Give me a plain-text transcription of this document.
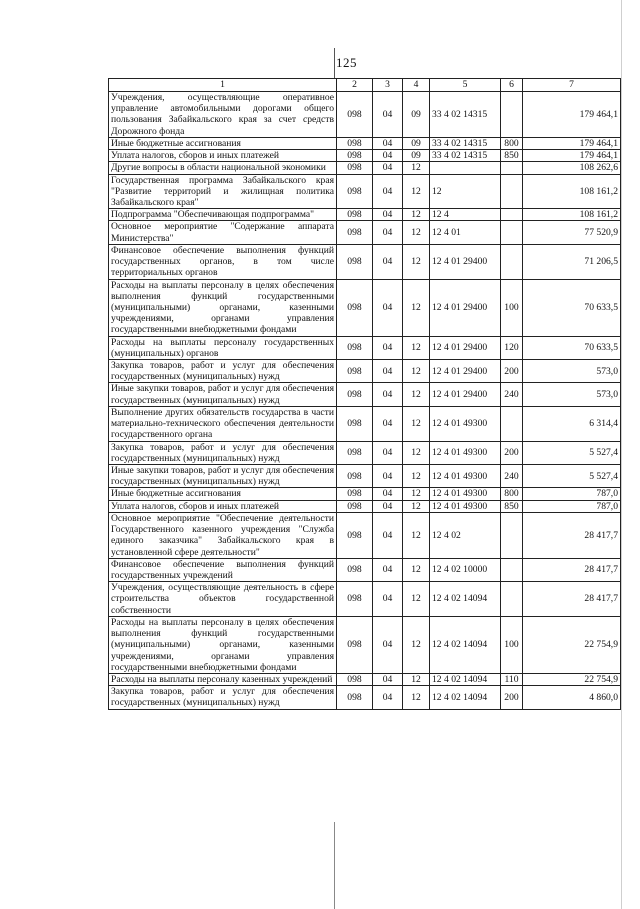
125
1	2	3	4	5	6	7
Учреждения, осуществляющие оперативное управление автомобильными дорогами общего пользования Забайкальского края за счет средств Дорожного фонда	098	04	09	33 4 02 14315		179 464,1
Иные бюджетные ассигнования	098	04	09	33 4 02 14315	800	179 464,1
Уплата налогов, сборов и иных платежей	098	04	09	33 4 02 14315	850	179 464,1
Другие вопросы в области национальной экономики	098	04	12			108 262,6
Государственная программа Забайкальского края "Развитие территорий и жилищная политика Забайкальского края"	098	04	12	12		108 161,2
Подпрограмма "Обеспечивающая подпрограмма"	098	04	12	12 4		108 161,2
Основное мероприятие "Содержание аппарата Министерства"	098	04	12	12 4 01		77 520,9
Финансовое обеспечение выполнения функций государственных органов, в том числе территориальных органов	098	04	12	12 4 01 29400		71 206,5
Расходы на выплаты персоналу в целях обеспечения выполнения функций государственными (муниципальными) органами, казенными учреждениями, органами управления государственными внебюджетными фондами	098	04	12	12 4 01 29400	100	70 633,5
Расходы на выплаты персоналу государственных (муниципальных) органов	098	04	12	12 4 01 29400	120	70 633,5
Закупка товаров, работ и услуг для обеспечения государственных (муниципальных) нужд	098	04	12	12 4 01 29400	200	573,0
Иные закупки товаров, работ и услуг для обеспечения государственных (муниципальных) нужд	098	04	12	12 4 01 29400	240	573,0
Выполнение других обязательств государства в части материально-технического обеспечения деятельности государственного органа	098	04	12	12 4 01 49300		6 314,4
Закупка товаров, работ и услуг для обеспечения государственных (муниципальных) нужд	098	04	12	12 4 01 49300	200	5 527,4
Иные закупки товаров, работ и услуг для обеспечения государственных (муниципальных) нужд	098	04	12	12 4 01 49300	240	5 527,4
Иные бюджетные ассигнования	098	04	12	12 4 01 49300	800	787,0
Уплата налогов, сборов и иных платежей	098	04	12	12 4 01 49300	850	787,0
Основное мероприятие "Обеспечение деятельности Государственного казенного учреждения "Служба единого заказчика" Забайкальского края в установленной сфере деятельности"	098	04	12	12 4 02		28 417,7
Финансовое обеспечение выполнения функций государственных учреждений	098	04	12	12 4 02 10000		28 417,7
Учреждения, осуществляющие деятельность в сфере строительства объектов государственной собственности	098	04	12	12 4 02 14094		28 417,7
Расходы на выплаты персоналу в целях обеспечения выполнения функций государственными (муниципальными) органами, казенными учреждениями, органами управления государственными внебюджетными фондами	098	04	12	12 4 02 14094	100	22 754,9
Расходы на выплаты персоналу казенных учреждений	098	04	12	12 4 02 14094	110	22 754,9
Закупка товаров, работ и услуг для обеспечения государственных (муниципальных) нужд	098	04	12	12 4 02 14094	200	4 860,0
